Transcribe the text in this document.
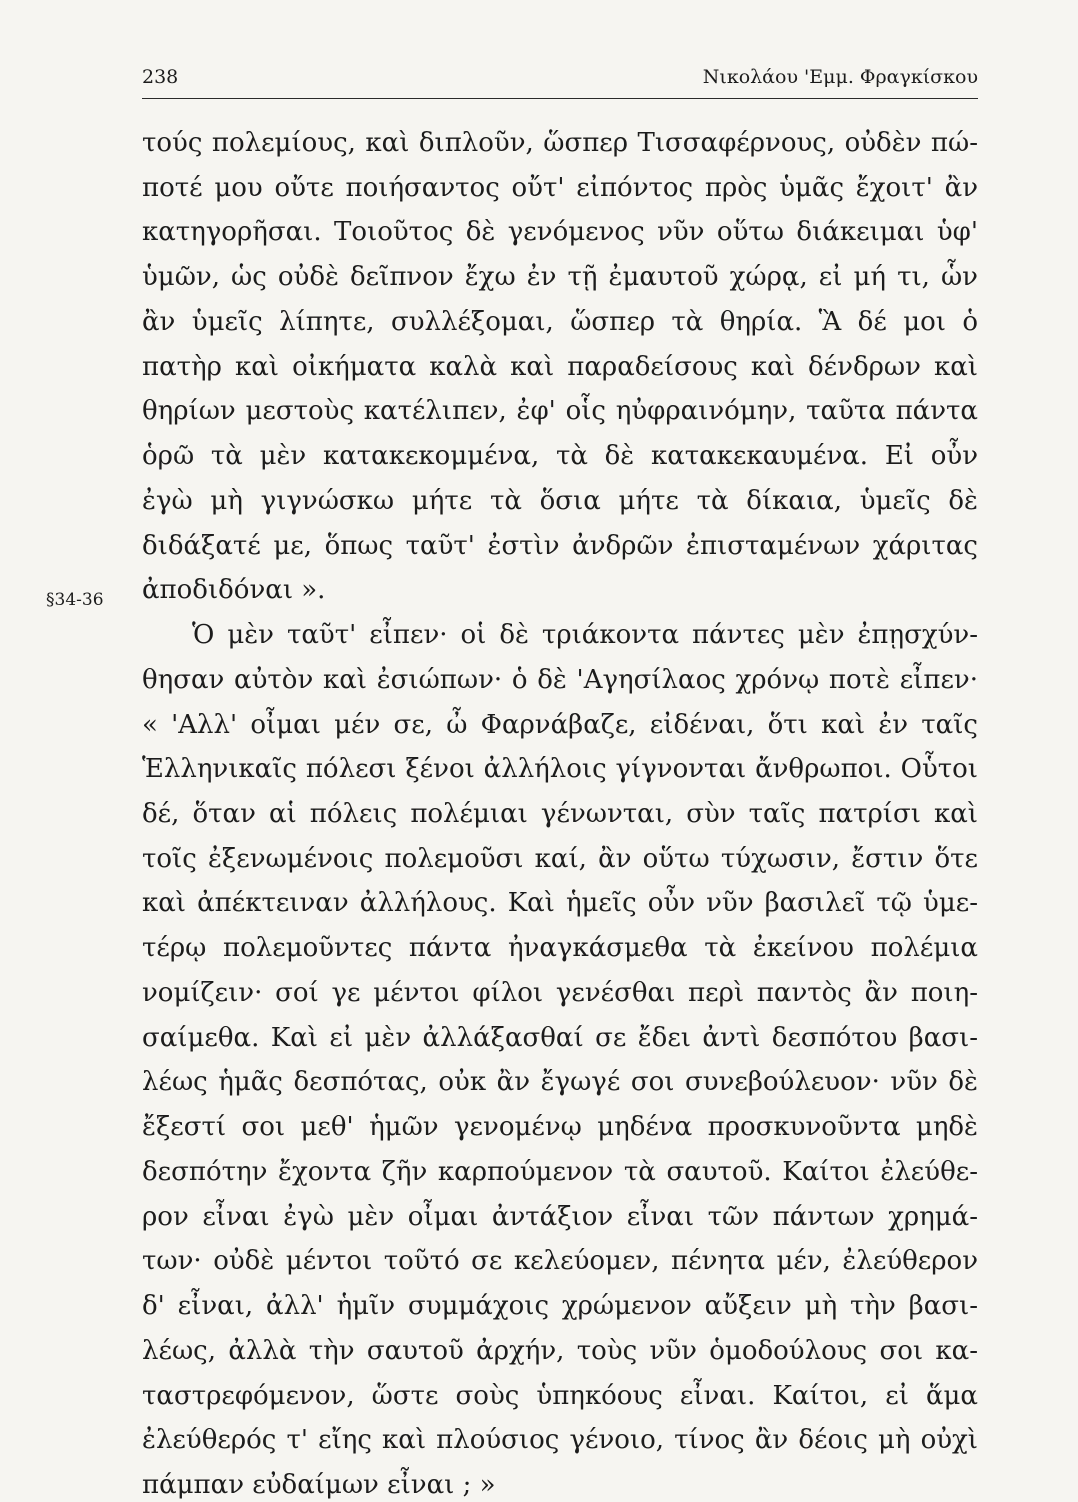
238	Νικολάου 'Εμμ. Φραγκίσκου
§34-36
τούς πολεμίους, καὶ διπλοῦν, ὥσπερ Τισσαφέρνους, οὐδὲν πώ-
ποτέ μου οὔτε ποιήσαντος οὔτ' εἰπόντος πρὸς ὑμᾶς ἔχοιτ' ἂν
κατηγορῆσαι. Τοιοῦτος δὲ γενόμενος νῦν οὕτω διάκειμαι ὑφ'
ὑμῶν, ὡς οὐδὲ δεῖπνον ἔχω ἐν τῇ ἐμαυτοῦ χώρᾳ, εἰ μή τι, ὧν
ἂν ὑμεῖς λίπητε, συλλέξομαι, ὥσπερ τὰ θηρία. Ἃ δέ μοι ὁ
πατὴρ καὶ οἰκήματα καλὰ καὶ παραδείσους καὶ δένδρων καὶ
θηρίων μεστοὺς κατέλιπεν, ἐφ' οἷς ηὐφραινόμην, ταῦτα πάντα
ὁρῶ τὰ μὲν κατακεκομμένα, τὰ δὲ κατακεκαυμένα. Εἰ οὖν
ἐγὼ μὴ γιγνώσκω μήτε τὰ ὅσια μήτε τὰ δίκαια, ὑμεῖς δὲ
διδάξατέ με, ὅπως ταῦτ' ἐστὶν ἀνδρῶν ἐπισταμένων χάριτας
ἀποδιδόναι ».
Ὁ μὲν ταῦτ' εἶπεν· οἱ δὲ τριάκοντα πάντες μὲν ἐπῃσχύν-
θησαν αὐτὸν καὶ ἐσιώπων· ὁ δὲ 'Αγησίλαος χρόνῳ ποτὲ εἶπεν·
« 'Αλλ' οἶμαι μέν σε, ὦ Φαρνάβαζε, εἰδέναι, ὅτι καὶ ἐν ταῖς
Ἑλληνικαῖς πόλεσι ξένοι ἀλλήλοις γίγνονται ἄνθρωποι. Οὗτοι
δέ, ὅταν αἱ πόλεις πολέμιαι γένωνται, σὺν ταῖς πατρίσι καὶ
τοῖς ἐξενωμένοις πολεμοῦσι καί, ἂν οὕτω τύχωσιν, ἔστιν ὅτε
καὶ ἀπέκτειναν ἀλλήλους. Καὶ ἡμεῖς οὖν νῦν βασιλεῖ τῷ ὑμε-
τέρῳ πολεμοῦντες πάντα ἠναγκάσμεθα τὰ ἐκείνου πολέμια
νομίζειν· σοί γε μέντοι φίλοι γενέσθαι περὶ παντὸς ἂν ποιη-
σαίμεθα. Καὶ εἰ μὲν ἀλλάξασθαί σε ἔδει ἀντὶ δεσπότου βασι-
λέως ἡμᾶς δεσπότας, οὐκ ἂν ἔγωγέ σοι συνεβούλευον· νῦν δὲ
ἔξεστί σοι μεθ' ἡμῶν γενομένῳ μηδένα προσκυνοῦντα μηδὲ
δεσπότην ἔχοντα ζῆν καρπούμενον τὰ σαυτοῦ. Καίτοι ἐλεύθε-
ρον εἶναι ἐγὼ μὲν οἶμαι ἀντάξιον εἶναι τῶν πάντων χρημά-
των· οὐδὲ μέντοι τοῦτό σε κελεύομεν, πένητα μέν, ἐλεύθερον
δ' εἶναι, ἀλλ' ἡμῖν συμμάχοις χρώμενον αὔξειν μὴ τὴν βασι-
λέως, ἀλλὰ τὴν σαυτοῦ ἀρχήν, τοὺς νῦν ὁμοδούλους σοι κα-
ταστρεφόμενον, ὥστε σοὺς ὑπηκόους εἶναι. Καίτοι, εἰ ἅμα
ἐλεύθερός τ' εἴης καὶ πλούσιος γένοιο, τίνος ἂν δέοις μὴ οὐχὶ
πάμπαν εὐδαίμων εἶναι ; »
